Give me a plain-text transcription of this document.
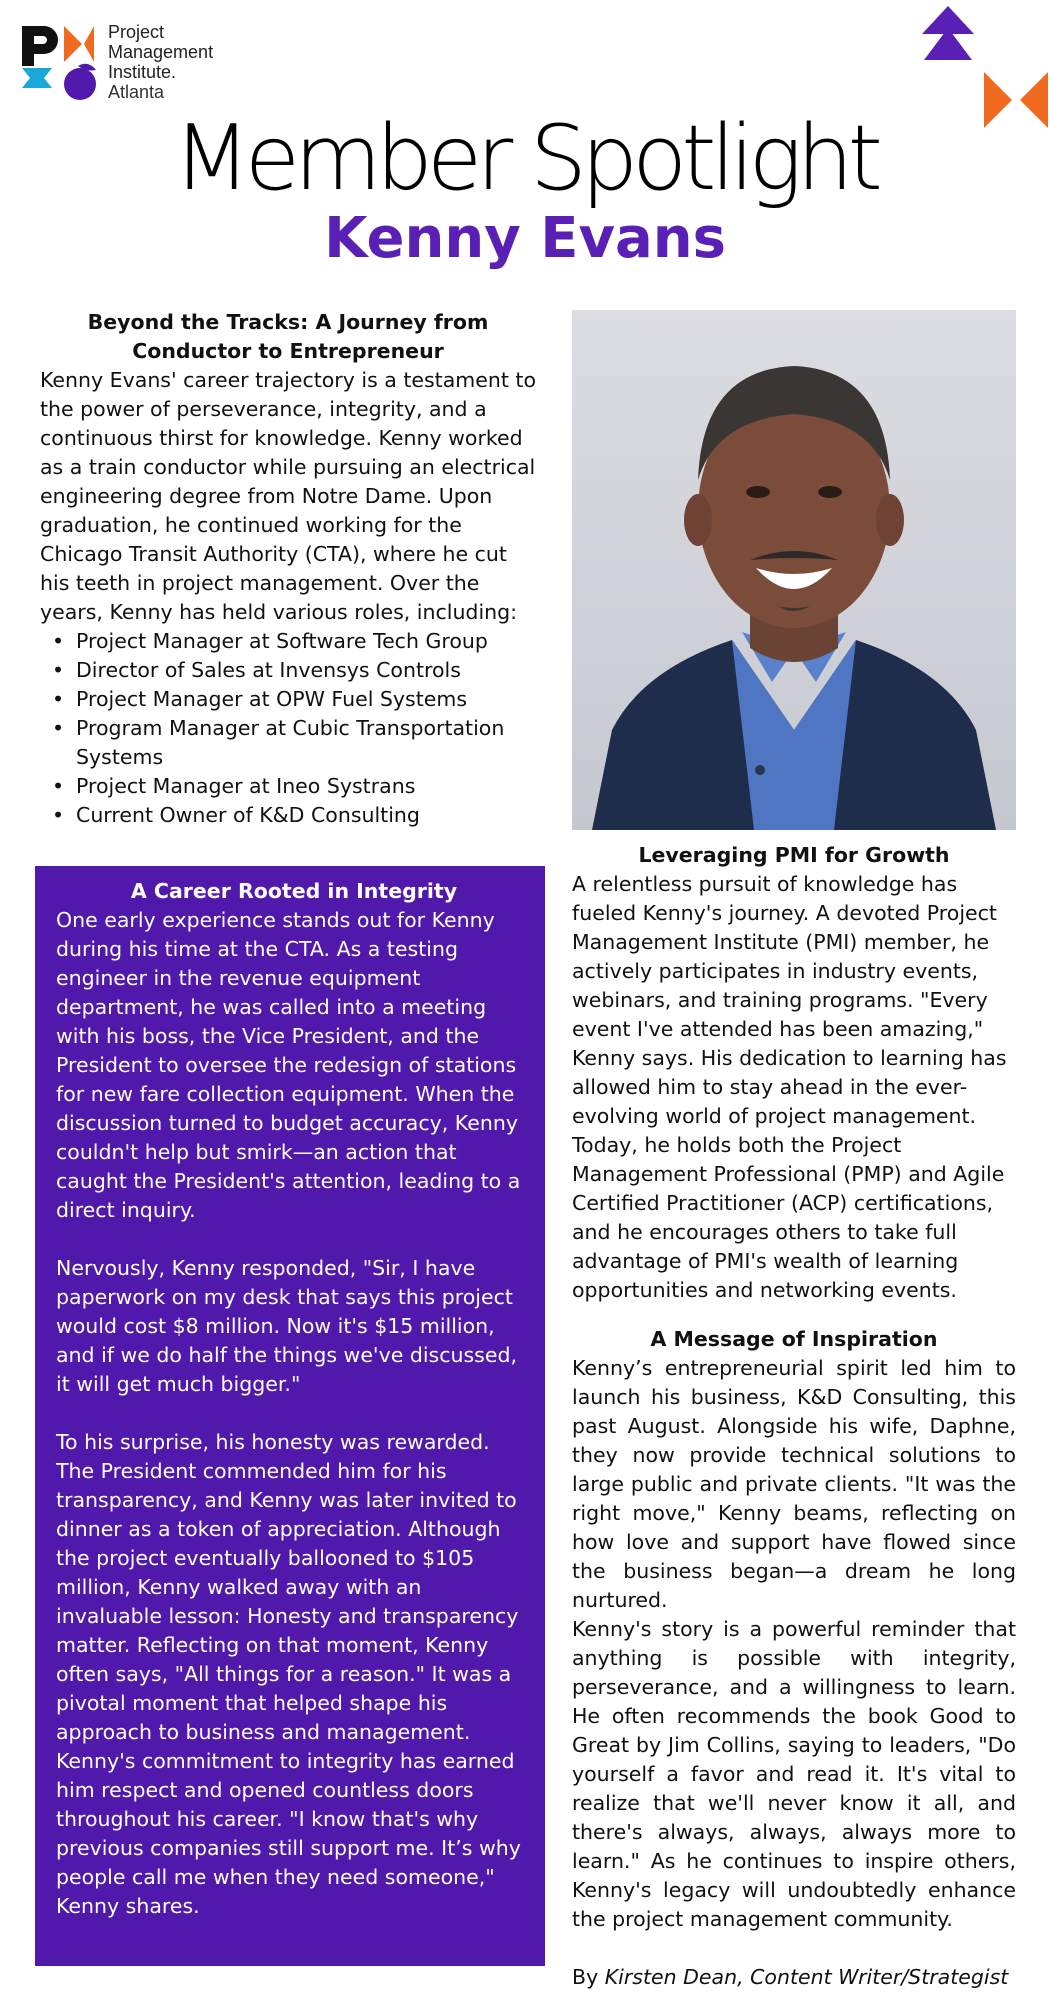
Project
Management
Institute.
Atlanta
Member Spotlight
Kenny Evans
Beyond the Tracks: A Journey from Conductor to Entrepreneur

Kenny Evans' career trajectory is a testament to the power of perseverance, integrity, and a continuous thirst for knowledge. Kenny worked as a train conductor while pursuing an electrical engineering degree from Notre Dame. Upon graduation, he continued working for the Chicago Transit Authority (CTA), where he cut his teeth in project management. Over the years, Kenny has held various roles, including:

• Project Manager at Software Tech Group
• Director of Sales at Invensys Controls
• Project Manager at OPW Fuel Systems
• Program Manager at Cubic Transportation Systems
• Project Manager at Ineo Systrans
• Current Owner of K&D Consulting
A Career Rooted in Integrity

One early experience stands out for Kenny during his time at the CTA. As a testing engineer in the revenue equipment department, he was called into a meeting with his boss, the Vice President, and the President to oversee the redesign of stations for new fare collection equipment. When the discussion turned to budget accuracy, Kenny couldn't help but smirk—an action that caught the President's attention, leading to a direct inquiry.

Nervously, Kenny responded, "Sir, I have paperwork on my desk that says this project would cost $8 million. Now it's $15 million, and if we do half the things we've discussed, it will get much bigger."

To his surprise, his honesty was rewarded. The President commended him for his transparency, and Kenny was later invited to dinner as a token of appreciation. Although the project eventually ballooned to $105 million, Kenny walked away with an invaluable lesson: Honesty and transparency matter. Reflecting on that moment, Kenny often says, "All things for a reason." It was a pivotal moment that helped shape his approach to business and management.

Kenny's commitment to integrity has earned him respect and opened countless doors throughout his career. "I know that's why previous companies still support me. It’s why people call me when they need someone," Kenny shares.

Leveraging PMI for Growth

A relentless pursuit of knowledge has fueled Kenny's journey. A devoted Project Management Institute (PMI) member, he actively participates in industry events, webinars, and training programs. "Every event I've attended has been amazing," Kenny says. His dedication to learning has allowed him to stay ahead in the ever-evolving world of project management. Today, he holds both the Project Management Professional (PMP) and Agile Certified Practitioner (ACP) certifications, and he encourages others to take full advantage of PMI's wealth of learning opportunities and networking events.

A Message of Inspiration

Kenny’s entrepreneurial spirit led him to launch his business, K&D Consulting, this past August. Alongside his wife, Daphne, they now provide technical solutions to large public and private clients. "It was the right move," Kenny beams, reflecting on how love and support have flowed since the business began—a dream he long nurtured.

Kenny's story is a powerful reminder that anything is possible with integrity, perseverance, and a willingness to learn. He often recommends the book Good to Great by Jim Collins, saying to leaders, "Do yourself a favor and read it. It's vital to realize that we'll never know it all, and there's always, always, always more to learn." As he continues to inspire others, Kenny's legacy will undoubtedly enhance the project management community.

By Kirsten Dean, Content Writer/Strategist
